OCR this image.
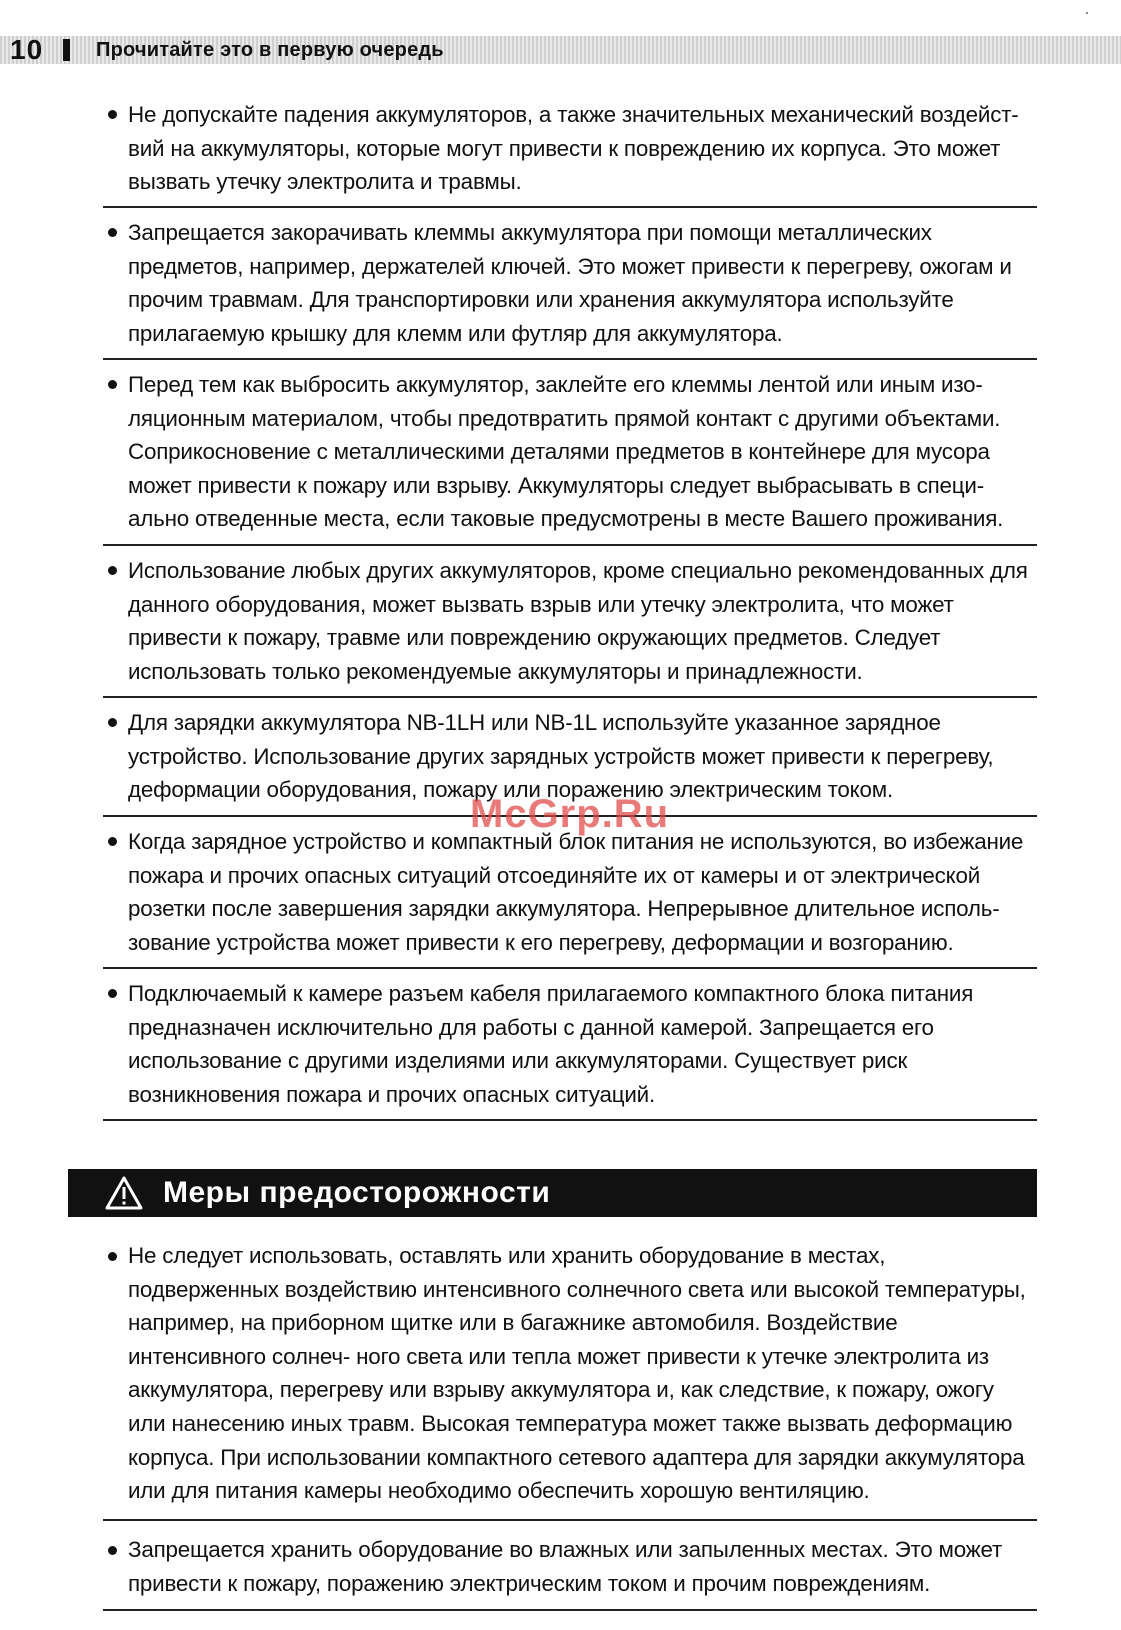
10	Прочитайте это в первую очередь
Не допускайте падения аккумуляторов, а также значительных механический воздейст- вий на аккумуляторы, которые могут привести к повреждению их корпуса. Это может вызвать утечку электролита и травмы.
Запрещается закорачивать клеммы аккумулятора при помощи металлических предметов, например, держателей ключей. Это может привести к перегреву, ожогам и прочим травмам. Для транспортировки или хранения аккумулятора используйте прилагаемую крышку для клемм или футляр для аккумулятора.
Перед тем как выбросить аккумулятор, заклейте его клеммы лентой или иным изо- ляционным материалом, чтобы предотвратить прямой контакт с другими объектами. Соприкосновение с металлическими деталями предметов в контейнере для мусора может привести к пожару или взрыву. Аккумуляторы следует выбрасывать в специ- ально отведенные места, если таковые предусмотрены в месте Вашего проживания.
Использование любых других аккумуляторов, кроме специально рекомендованных для данного оборудования, может вызвать взрыв или утечку электролита, что может привести к пожару, травме или повреждению окружающих предметов. Следует использовать только рекомендуемые аккумуляторы и принадлежности.
Для зарядки аккумулятора NB-1LH или NB-1L используйте указанное зарядное устройство. Использование других зарядных устройств может привести к перегреву, деформации оборудования, пожару или поражению электрическим током.
Когда зарядное устройство и компактный блок питания не используются, во избежание пожара и прочих опасных ситуаций отсоединяйте их от камеры и от электрической розетки после завершения зарядки аккумулятора. Непрерывное длительное исполь- зование устройства может привести к его перегреву, деформации и возгоранию.
Подключаемый к камере разъем кабеля прилагаемого компактного блока питания предназначен исключительно для работы с данной камерой. Запрещается его использование с другими изделиями или аккумуляторами. Существует риск возникновения пожара и прочих опасных ситуаций.
Меры предосторожности
Не следует использовать, оставлять или хранить оборудование в местах, подверженных воздействию интенсивного солнечного света или высокой температуры, например, на приборном щитке или в багажнике автомобиля. Воздействие интенсивного солнеч- ного света или тепла может привести к утечке электролита из аккумулятора, перегреву или взрыву аккумулятора и, как следствие, к пожару, ожогу или нанесению иных травм. Высокая температура может также вызвать деформацию корпуса. При использовании компактного сетевого адаптера для зарядки аккумулятора или для питания камеры необходимо обеспечить хорошую вентиляцию.
Запрещается хранить оборудование во влажных или запыленных местах. Это может привести к пожару, поражению электрическим током и прочим повреждениям.
McGrp.Ru
